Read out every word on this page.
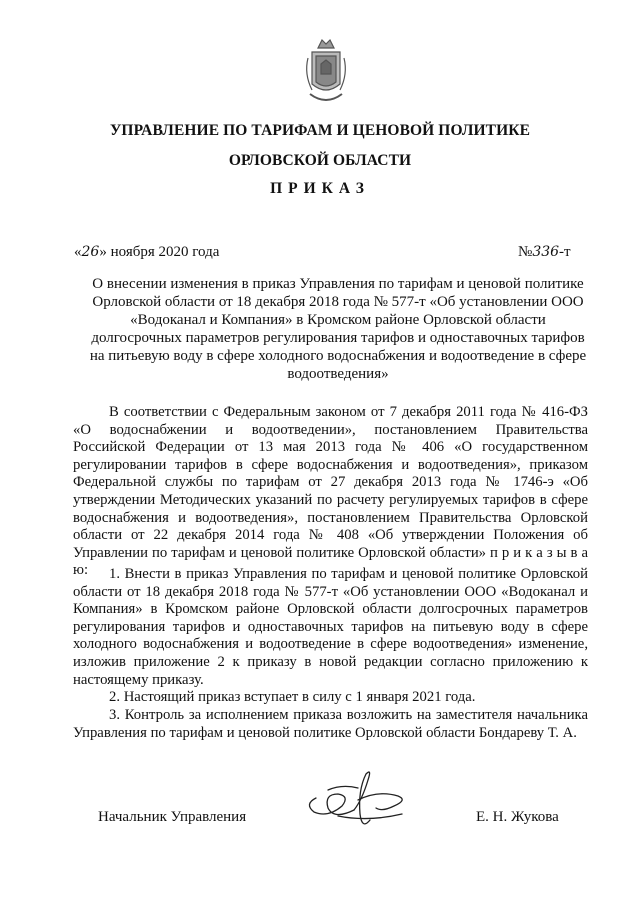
УПРАВЛЕНИЕ ПО ТАРИФАМ И ЦЕНОВОЙ ПОЛИТИКЕ
ОРЛОВСКОЙ ОБЛАСТИ
ПРИКАЗ
«26» ноября 2020 года	№336-т
О внесении изменения в приказ Управления по тарифам и ценовой политике Орловской области от 18 декабря 2018 года № 577-т «Об установлении ООО «Водоканал и Компания» в Кромском районе Орловской области долгосрочных параметров регулирования тарифов и одноставочных тарифов на питьевую воду в сфере холодного водоснабжения и водоотведение в сфере водоотведения»
В соответствии с Федеральным законом от 7 декабря 2011 года № 416-ФЗ «О водоснабжении и водоотведении», постановлением Правительства Российской Федерации от 13 мая 2013 года № 406 «О государственном регулировании тарифов в сфере водоснабжения и водоотведения», приказом Федеральной службы по тарифам от 27 декабря 2013 года № 1746-э «Об утверждении Методических указаний по расчету регулируемых тарифов в сфере водоснабжения и водоотведения», постановлением Правительства Орловской области от 22 декабря 2014 года № 408 «Об утверждении Положения об Управлении по тарифам и ценовой политике Орловской области» п р и к а з ы в а ю:	1. Внести в приказ Управления по тарифам и ценовой политике Орловской области от 18 декабря 2018 года № 577-т «Об установлении ООО «Водоканал и Компания» в Кромском районе Орловской области долгосрочных параметров регулирования тарифов и одноставочных тарифов на питьевую воду в сфере холодного водоснабжения и водоотведение в сфере водоотведения» изменение, изложив приложение 2 к приказу в новой редакции согласно приложению к настоящему приказу.
2. Настоящий приказ вступает в силу с 1 января 2021 года.
3. Контроль за исполнением приказа возложить на заместителя начальника Управления по тарифам и ценовой политике Орловской области Бондареву Т. А.
Начальник Управления	Е. Н. Жукова
